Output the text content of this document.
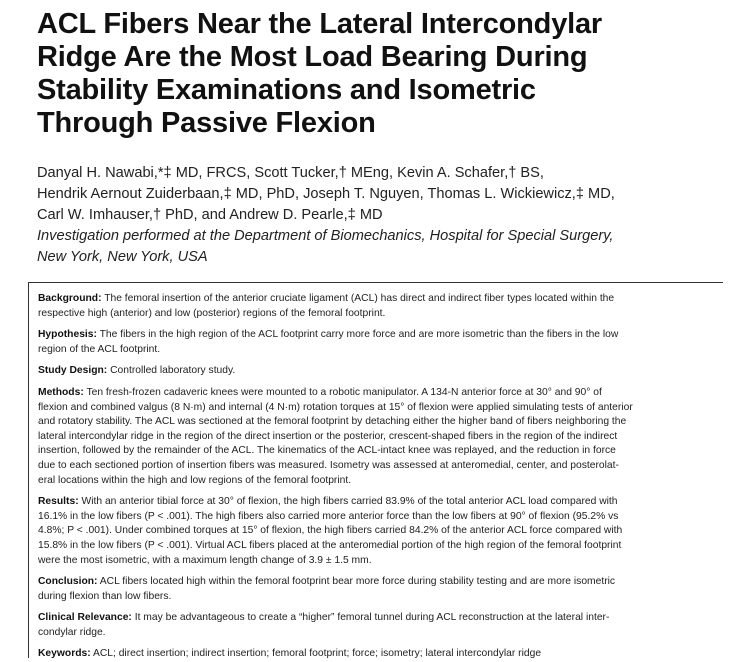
ACL Fibers Near the Lateral Intercondylar
Ridge Are the Most Load Bearing During
Stability Examinations and Isometric
Through Passive Flexion
Danyal H. Nawabi,*‡ MD, FRCS, Scott Tucker,† MEng, Kevin A. Schafer,† BS,
Hendrik Aernout Zuiderbaan,‡ MD, PhD, Joseph T. Nguyen, Thomas L. Wickiewicz,‡ MD,
Carl W. Imhauser,† PhD, and Andrew D. Pearle,‡ MD
Investigation performed at the Department of Biomechanics, Hospital for Special Surgery,
New York, New York, USA
Background: The femoral insertion of the anterior cruciate ligament (ACL) has direct and indirect fiber types located within the
respective high (anterior) and low (posterior) regions of the femoral footprint.
Hypothesis: The fibers in the high region of the ACL footprint carry more force and are more isometric than the fibers in the low
region of the ACL footprint.
Study Design: Controlled laboratory study.
Methods: Ten fresh-frozen cadaveric knees were mounted to a robotic manipulator. A 134-N anterior force at 30° and 90° of
flexion and combined valgus (8 N·m) and internal (4 N·m) rotation torques at 15° of flexion were applied simulating tests of anterior
and rotatory stability. The ACL was sectioned at the femoral footprint by detaching either the higher band of fibers neighboring the
lateral intercondylar ridge in the region of the direct insertion or the posterior, crescent-shaped fibers in the region of the indirect
insertion, followed by the remainder of the ACL. The kinematics of the ACL-intact knee was replayed, and the reduction in force
due to each sectioned portion of insertion fibers was measured. Isometry was assessed at anteromedial, center, and posterolat-
eral locations within the high and low regions of the femoral footprint.
Results: With an anterior tibial force at 30° of flexion, the high fibers carried 83.9% of the total anterior ACL load compared with
16.1% in the low fibers (P < .001). The high fibers also carried more anterior force than the low fibers at 90° of flexion (95.2% vs
4.8%; P < .001). Under combined torques at 15° of flexion, the high fibers carried 84.2% of the anterior ACL force compared with
15.8% in the low fibers (P < .001). Virtual ACL fibers placed at the anteromedial portion of the high region of the femoral footprint
were the most isometric, with a maximum length change of 3.9 ± 1.5 mm.
Conclusion: ACL fibers located high within the femoral footprint bear more force during stability testing and are more isometric
during flexion than low fibers.
Clinical Relevance: It may be advantageous to create a “higher” femoral tunnel during ACL reconstruction at the lateral inter-
condylar ridge.
Keywords: ACL; direct insertion; indirect insertion; femoral footprint; force; isometry; lateral intercondylar ridge
